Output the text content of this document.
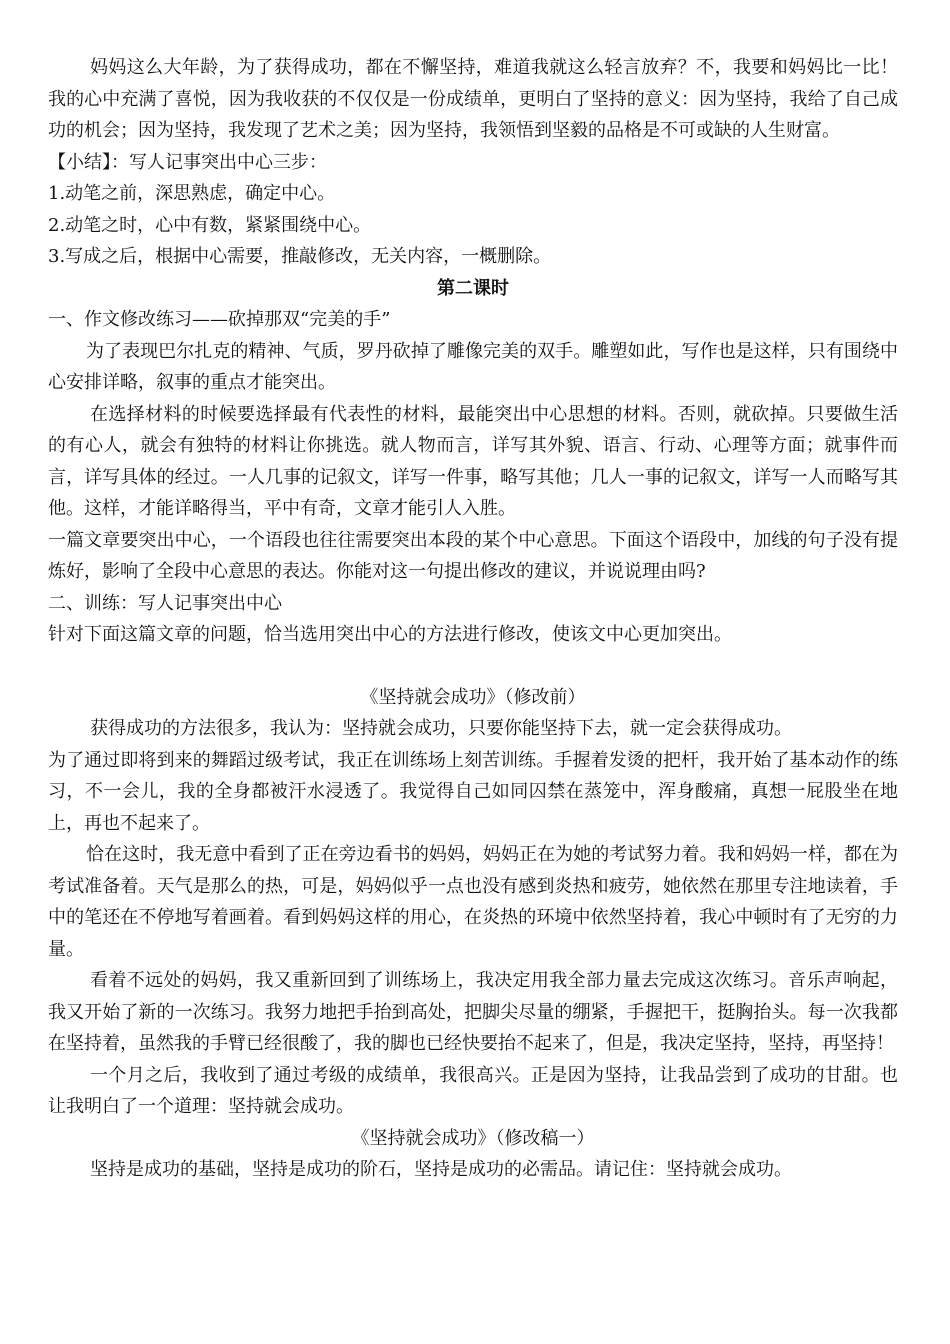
妈妈这么大年龄，为了获得成功，都在不懈坚持，难道我就这么轻言放弃？不，我要和妈妈比一比！我的心中充满了喜悦，因为我收获的不仅仅是一份成绩单，更明白了坚持的意义：因为坚持，我给了自己成功的机会；因为坚持，我发现了艺术之美；因为坚持，我领悟到坚毅的品格是不可或缺的人生财富。

【小结】：写人记事突出中心三步：

1.动笔之前，深思熟虑，确定中心。

2.动笔之时，心中有数，紧紧围绕中心。

3.写成之后，根据中心需要，推敲修改，无关内容，一概删除。

第二课时

一、作文修改练习——砍掉那双“完美的手”

为了表现巴尔扎克的精神、气质，罗丹砍掉了雕像完美的双手。雕塑如此，写作也是这样，只有围绕中心安排详略，叙事的重点才能突出。

在选择材料的时候要选择最有代表性的材料，最能突出中心思想的材料。否则，就砍掉。只要做生活的有心人，就会有独特的材料让你挑选。就人物而言，详写其外貌、语言、行动、心理等方面；就事件而言，详写具体的经过。一人几事的记叙文，详写一件事，略写其他；几人一事的记叙文，详写一人而略写其他。这样，才能详略得当，平中有奇，文章才能引人入胜。

一篇文章要突出中心，一个语段也往往需要突出本段的某个中心意思。下面这个语段中，加线的句子没有提炼好，影响了全段中心意思的表达。你能对这一句提出修改的建议，并说说理由吗?

二、训练：写人记事突出中心

针对下面这篇文章的问题，恰当选用突出中心的方法进行修改，使该文中心更加突出。

《坚持就会成功》（修改前）

获得成功的方法很多，我认为：坚持就会成功，只要你能坚持下去，就一定会获得成功。

为了通过即将到来的舞蹈过级考试，我正在训练场上刻苦训练。手握着发烫的把杆，我开始了基本动作的练习，不一会儿，我的全身都被汗水浸透了。我觉得自己如同囚禁在蒸笼中，浑身酸痛，真想一屁股坐在地上，再也不起来了。

恰在这时，我无意中看到了正在旁边看书的妈妈，妈妈正在为她的考试努力着。我和妈妈一样，都在为考试准备着。天气是那么的热，可是，妈妈似乎一点也没有感到炎热和疲劳，她依然在那里专注地读着，手中的笔还在不停地写着画着。看到妈妈这样的用心，在炎热的环境中依然坚持着，我心中顿时有了无穷的力量。

看着不远处的妈妈，我又重新回到了训练场上，我决定用我全部力量去完成这次练习。音乐声响起，我又开始了新的一次练习。我努力地把手抬到高处，把脚尖尽量的绷紧，手握把干，挺胸抬头。每一次我都在坚持着，虽然我的手臂已经很酸了，我的脚也已经快要抬不起来了，但是，我决定坚持，坚持，再坚持！

一个月之后，我收到了通过考级的成绩单，我很高兴。正是因为坚持，让我品尝到了成功的甘甜。也让我明白了一个道理：坚持就会成功。

《坚持就会成功》（修改稿一）

坚持是成功的基础，坚持是成功的阶石，坚持是成功的必需品。请记住：坚持就会成功。
